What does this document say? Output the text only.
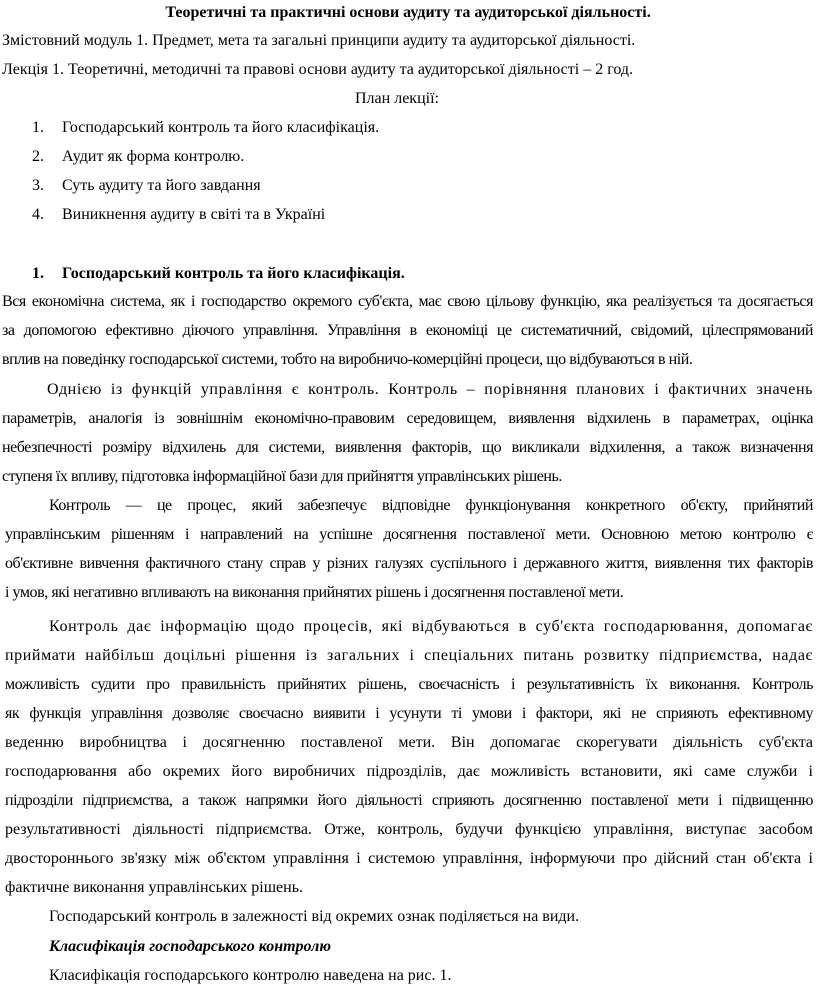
Теоретичні та практичні основи аудиту та аудиторської діяльності.
Змістовний модуль 1. Предмет, мета та загальні принципи аудиту та аудиторської діяльності.
Лекція 1. Теоретичні, методичні та правові основи аудиту та аудиторської діяльності – 2 год.
План лекції:
1. Господарський контроль та його класифікація.
2. Аудит як форма контролю.
3. Суть аудиту та його завдання
4. Виникнення аудиту в світі та в Україні
1. Господарський контроль та його класифікація.
Вся економічна система, як і господарство окремого суб'єкта, має свою цільову функцію, яка реалізується та досягається
за допомогою ефективно діючого управління. Управління в економіці це систематичний, свідомий, цілеспрямований
вплив на поведінку господарської системи, тобто на виробничо-комерційні процеси, що відбуваються в ній.
Однією із функцій управління є контроль. Контроль – порівняння планових і фактичних значень
параметрів, аналогія із зовнішнім економічно-правовим середовищем, виявлення відхилень в параметрах, оцінка
небезпечності розміру відхилень для системи, виявлення факторів, що викликали відхилення, а також визначення
ступеня їх впливу, підготовка інформаційної бази для прийняття управлінських рішень.
Контроль — це процес, який забезпечує відповідне функціонування конкретного об'єкту, прийнятий
управлінським рішенням і направлений на успішне досягнення поставленої мети. Основною метою контролю є
об'єктивне вивчення фактичного стану справ у різних галузях суспільного і державного життя, виявлення тих факторів
і умов, які негативно впливають на виконання прийнятих рішень і досягнення поставленої мети.
Контроль дає інформацію щодо процесів, які відбуваються в суб'єкта господарювання, допомагає
приймати найбільш доцільні рішення із загальних і спеціальних питань розвитку підприємства, надає
можливість судити про правильність прийнятих рішень, своєчасність і результативність їх виконання. Контроль
як функція управління дозволяє своєчасно виявити і усунути ті умови і фактори, які не сприяють ефективному
веденню виробництва і досягненню поставленої мети. Він допомагає скорегувати діяльність суб'єкта
господарювання або окремих його виробничих підрозділів, дає можливість встановити, які саме служби і
підрозділи підприємства, а також напрямки його діяльності сприяють досягненню поставленої мети і підвищенню
результативності діяльності підприємства. Отже, контроль, будучи функцією управління, виступає засобом
двостороннього зв'язку між об'єктом управління і системою управління, інформуючи про дійсний стан об'єкта і
фактичне виконання управлінських рішень.
Господарський контроль в залежності від окремих ознак поділяється на види.
Класифікація господарського контролю
Класифікація господарського контролю наведена на рис. 1.
